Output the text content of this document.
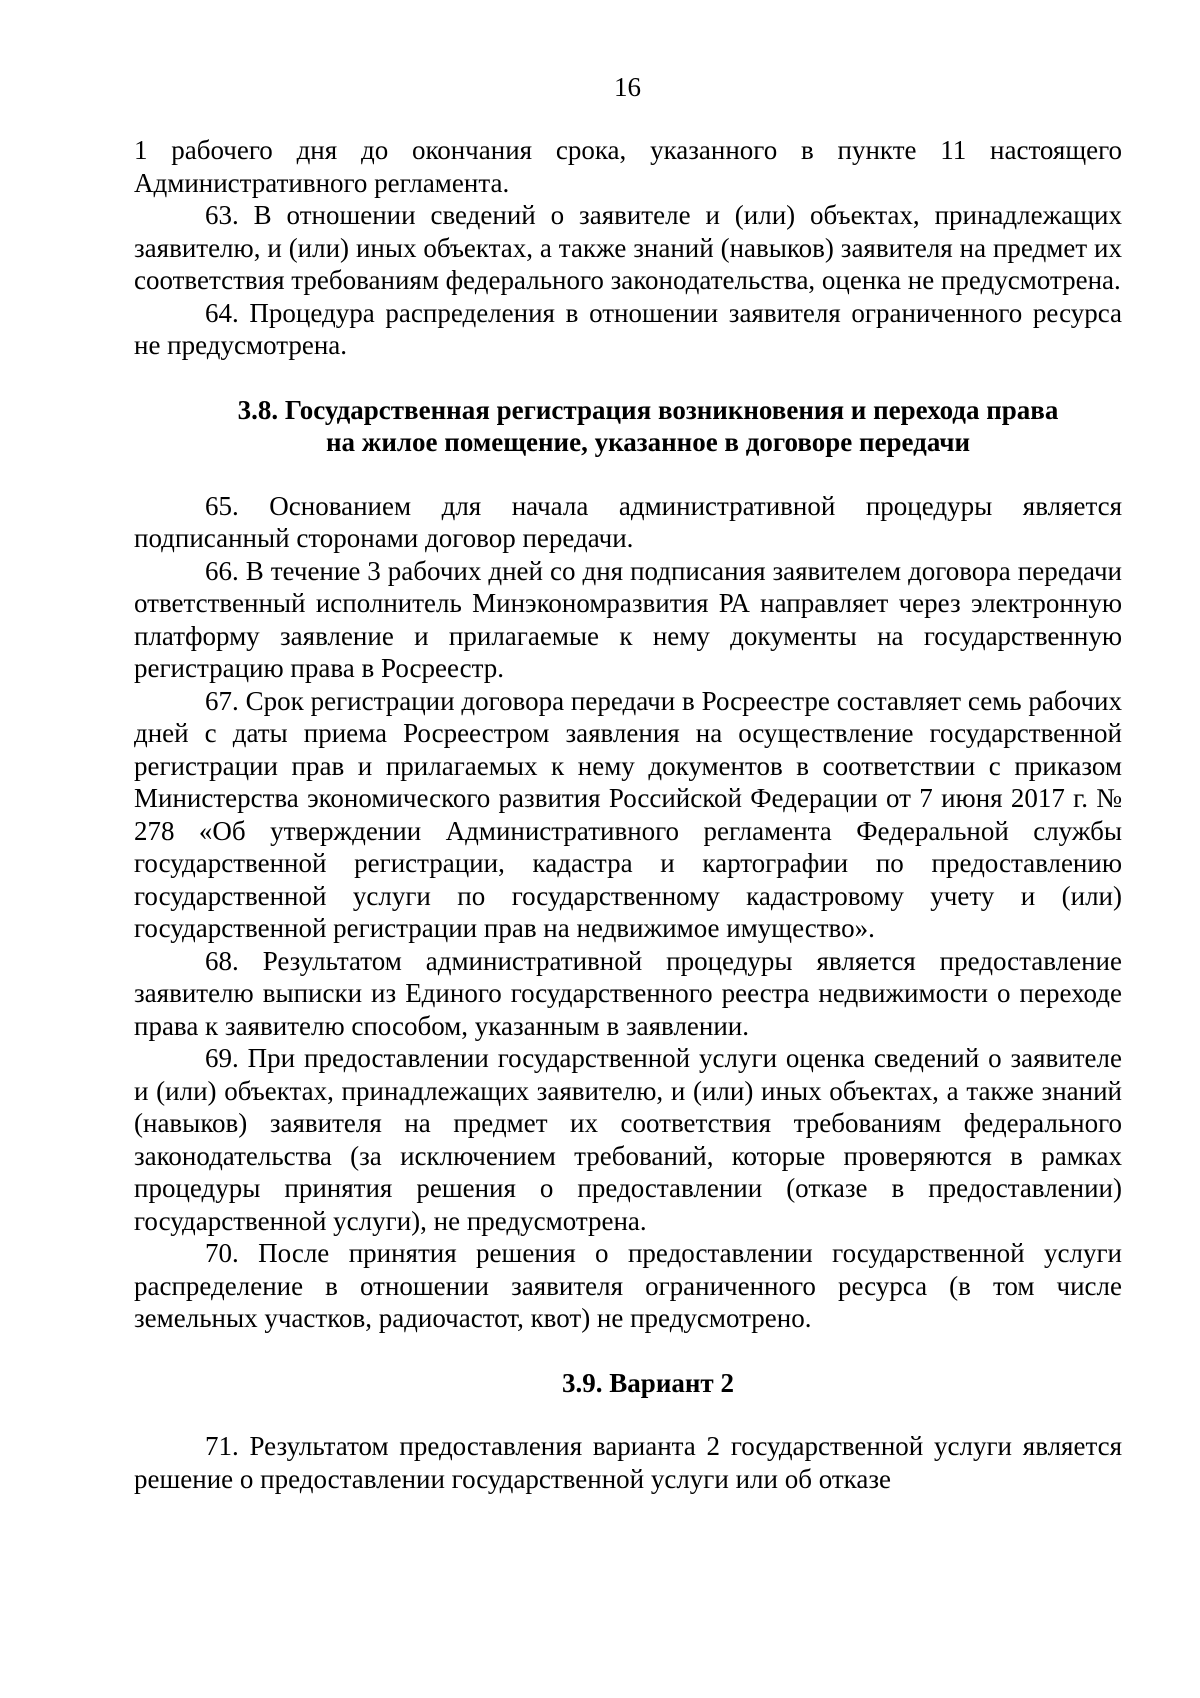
16

1 рабочего дня до окончания срока, указанного в пункте 11 настоящего Административного регламента.

63. В отношении сведений о заявителе и (или) объектах, принадлежащих заявителю, и (или) иных объектах, а также знаний (навыков) заявителя на предмет их соответствия требованиям федерального законодательства, оценка не предусмотрена.

64. Процедура распределения в отношении заявителя ограниченного ресурса не предусмотрена.

3.8. Государственная регистрация возникновения и перехода права
на жилое помещение, указанное в договоре передачи

65. Основанием для начала административной процедуры является подписанный сторонами договор передачи.

66. В течение 3 рабочих дней со дня подписания заявителем договора передачи ответственный исполнитель Минэкономразвития РА направляет через электронную платформу заявление и прилагаемые к нему документы на государственную регистрацию права в Росреестр.

67. Срок регистрации договора передачи в Росреестре составляет семь рабочих дней с даты приема Росреестром заявления на осуществление государственной регистрации прав и прилагаемых к нему документов в соответствии с приказом Министерства экономического развития Российской Федерации от 7 июня 2017 г. № 278 «Об утверждении Административного регламента Федеральной службы государственной регистрации, кадастра и картографии по предоставлению государственной услуги по государственному кадастровому учету и (или) государственной регистрации прав на недвижимое имущество».

68. Результатом административной процедуры является предоставление заявителю выписки из Единого государственного реестра недвижимости о переходе права к заявителю способом, указанным в заявлении.

69. При предоставлении государственной услуги оценка сведений о заявителе и (или) объектах, принадлежащих заявителю, и (или) иных объектах, а также знаний (навыков) заявителя на предмет их соответствия требованиям федерального законодательства (за исключением требований, которые проверяются в рамках процедуры принятия решения о предоставлении (отказе в предоставлении) государственной услуги), не предусмотрена.

70. После принятия решения о предоставлении государственной услуги распределение в отношении заявителя ограниченного ресурса (в том числе земельных участков, радиочастот, квот) не предусмотрено.

3.9. Вариант 2

71. Результатом предоставления варианта 2 государственной услуги является решение о предоставлении государственной услуги или об отказе
